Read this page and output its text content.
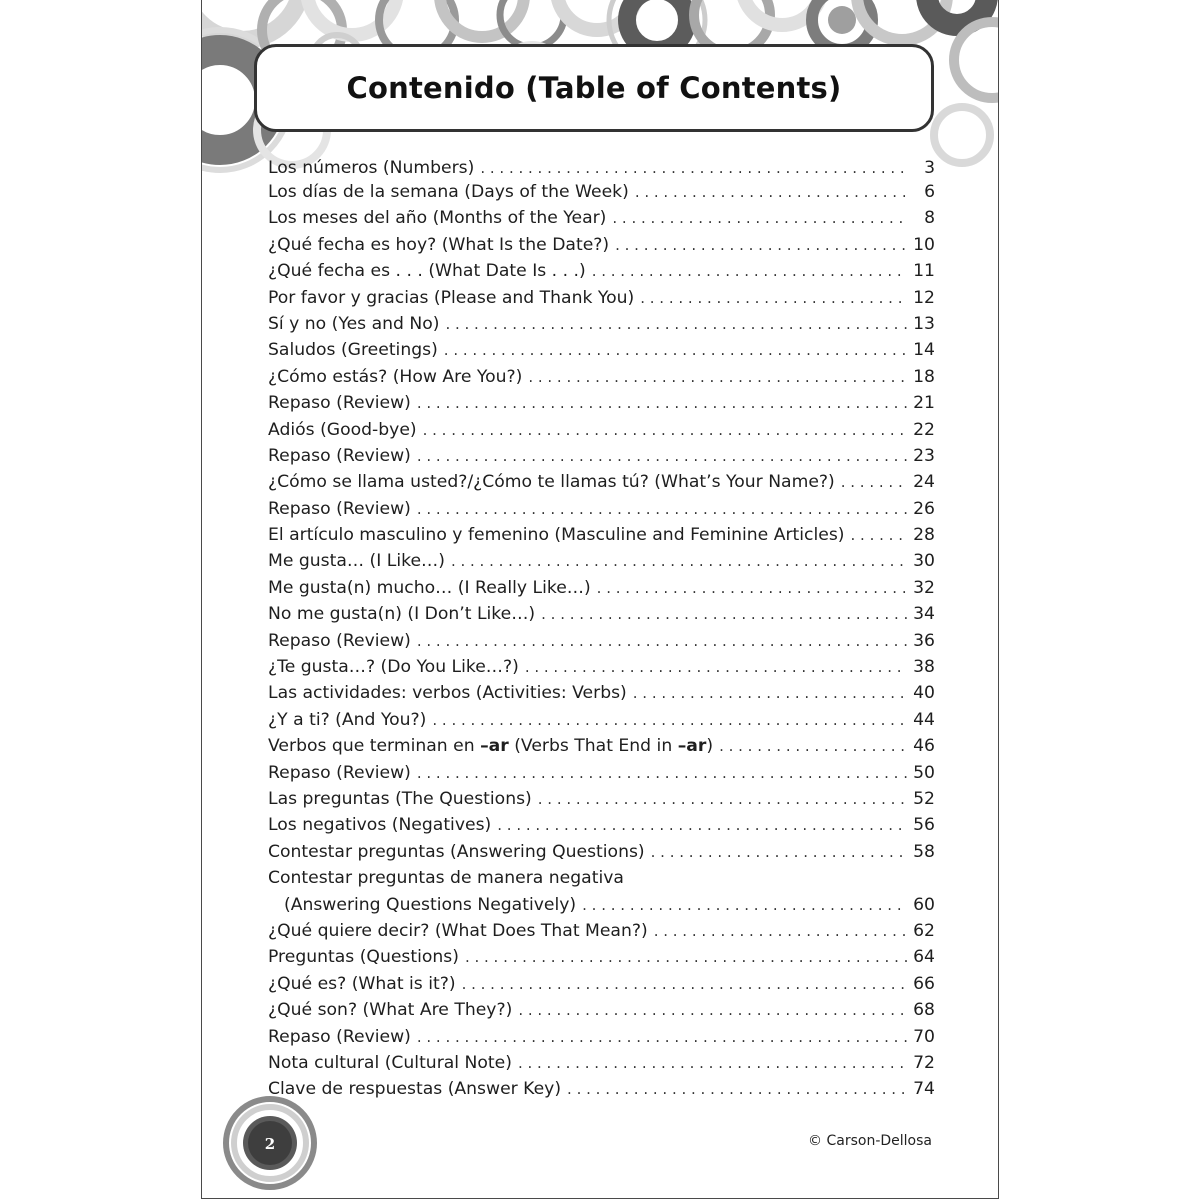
Contenido (Table of Contents)
Los números (Numbers) . . .	3
Los días de la semana (Days of the Week) . . .	6
Los meses del año (Months of the Year) . . .	8
¿Qué fecha es hoy? (What Is the Date?) . . .	10
¿Qué fecha es . . . (What Date Is . . .) . . .	11
Por favor y gracias (Please and Thank You) . . .	12
Sí y no (Yes and No) . . .	13
Saludos (Greetings) . . .	14
¿Cómo estás? (How Are You?) . . .	18
Repaso (Review) . . .	21
Adiós (Good-bye) . . .	22
Repaso (Review) . . .	23
¿Cómo se llama usted?/¿Cómo te llamas tú? (What’s Your Name?) . . .	24
Repaso (Review) . . .	26
El artículo masculino y femenino (Masculine and Feminine Articles) . . .	28
Me gusta… (I Like…) . . .	30
Me gusta(n) mucho… (I Really Like…) . . .	32
No me gusta(n) (I Don’t Like…) . . .	34
Repaso (Review) . . .	36
¿Te gusta…? (Do You Like…?) . . .	38
Las actividades: verbos (Activities: Verbs) . . .	40
¿Y a ti? (And You?) . . .	44
Verbos que terminan en –ar (Verbs That End in –ar) . . .	46
Repaso (Review) . . .	50
Las preguntas (The Questions) . . .	52
Los negativos (Negatives) . . .	56
Contestar preguntas (Answering Questions) . . .	58
Contestar preguntas de manera negativa
(Answering Questions Negatively) . . .	60
¿Qué quiere decir? (What Does That Mean?) . . .	62
Preguntas (Questions) . . .	64
¿Qué es? (What is it?) . . .	66
¿Qué son? (What Are They?) . . .	68
Repaso (Review) . . .	70
Nota cultural (Cultural Note) . . .	72
Clave de respuestas (Answer Key) . . .	74
2	© Carson-Dellosa
